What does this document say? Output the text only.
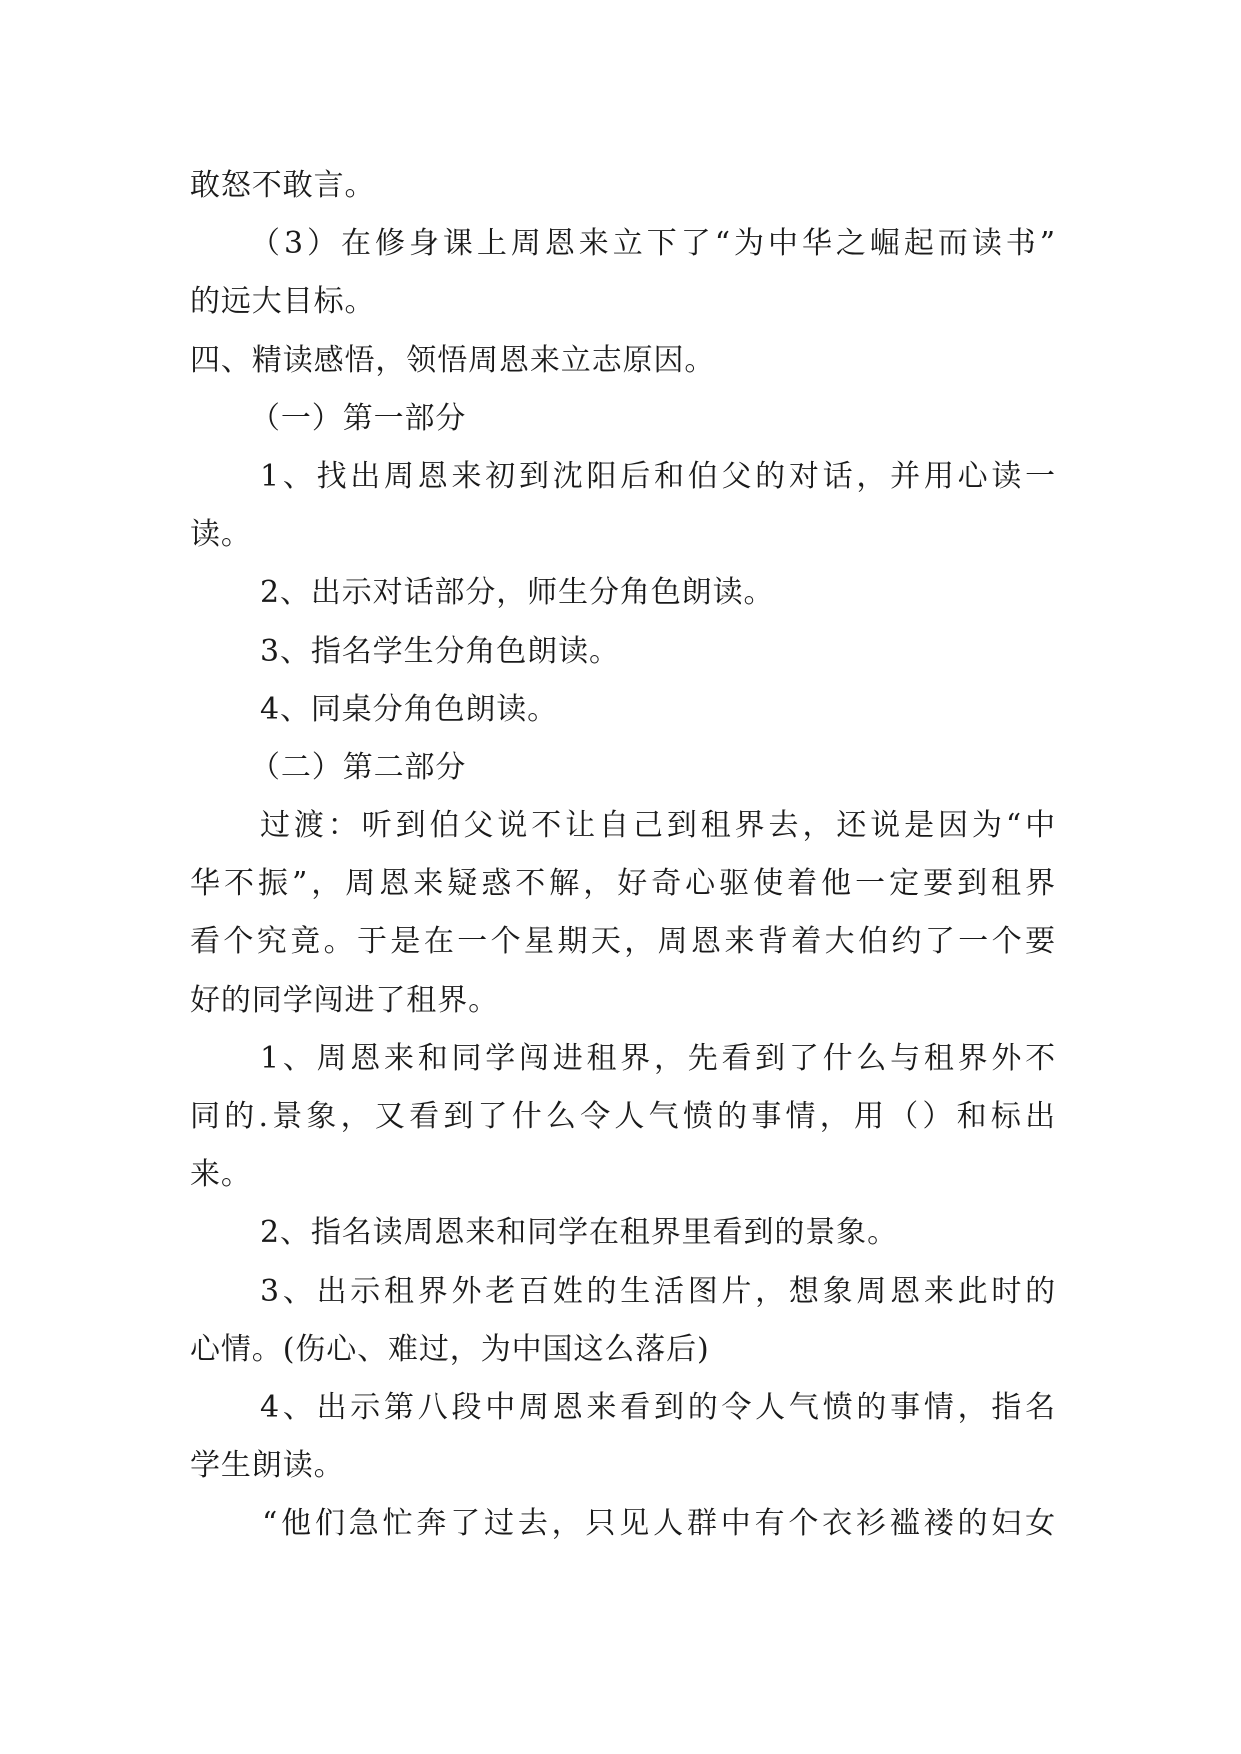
敢怒不敢言。
（3）在修身课上周恩来立下了“为中华之崛起而读书”
的远大目标。
四、精读感悟，领悟周恩来立志原因。
（一）第一部分
1、找出周恩来初到沈阳后和伯父的对话，并用心读一
读。
2、出示对话部分，师生分角色朗读。
3、指名学生分角色朗读。
4、同桌分角色朗读。
（二）第二部分
过渡：听到伯父说不让自己到租界去，还说是因为“中
华不振”，周恩来疑惑不解，好奇心驱使着他一定要到租界
看个究竟。于是在一个星期天，周恩来背着大伯约了一个要
好的同学闯进了租界。
1、周恩来和同学闯进租界，先看到了什么与租界外不
同的.景象，又看到了什么令人气愤的事情，用（）和标出
来。
2、指名读周恩来和同学在租界里看到的景象。
3、出示租界外老百姓的生活图片，想象周恩来此时的
心情。(伤心、难过，为中国这么落后)
4、出示第八段中周恩来看到的令人气愤的事情，指名
学生朗读。
“他们急忙奔了过去，只见人群中有个衣衫褴褛的妇女
